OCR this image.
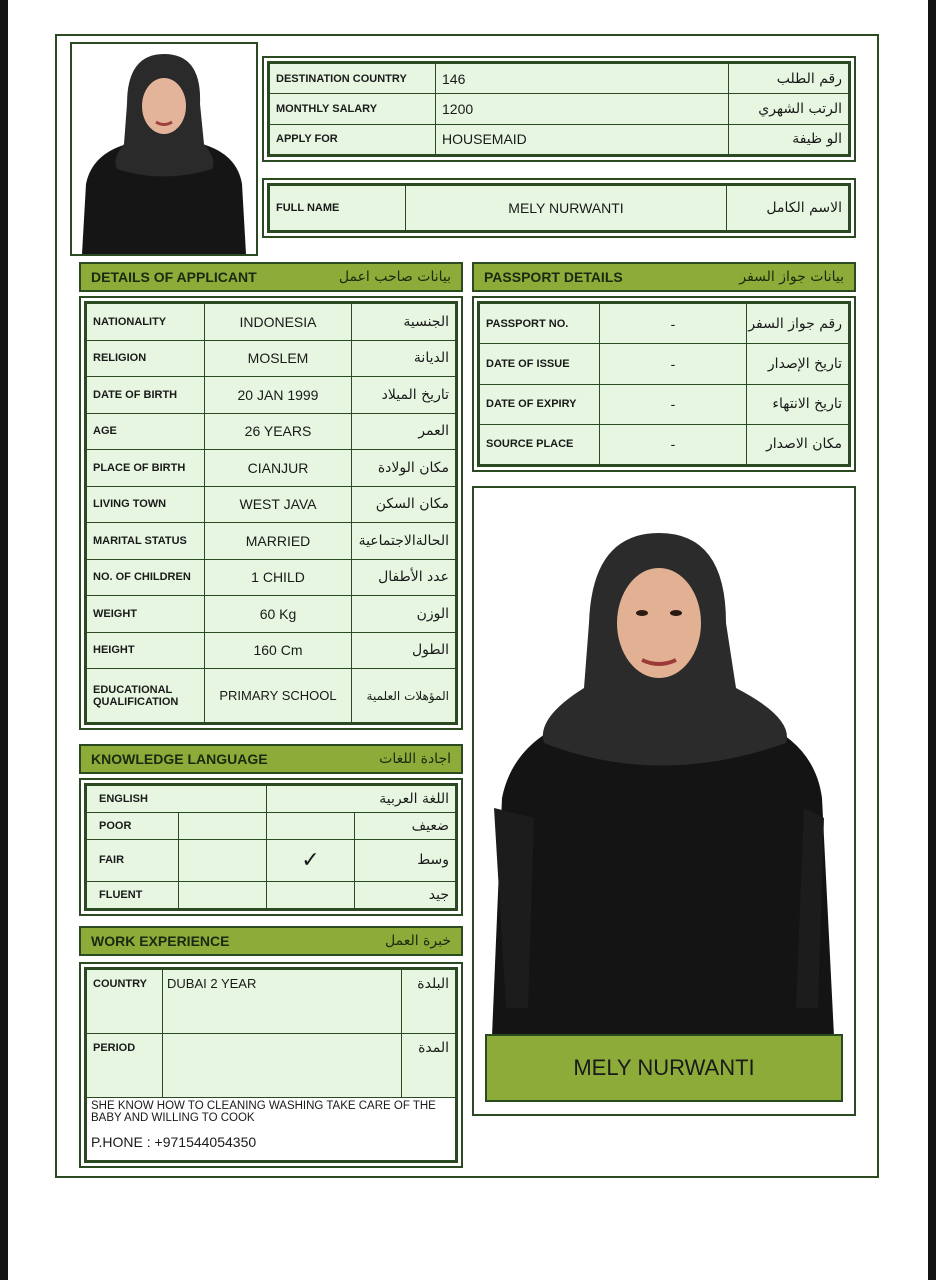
DESTINATION COUNTRY	146	رقم الطلب
MONTHLY SALARY	1200	الرتب الشهري
APPLY FOR	HOUSEMAID	الو ظيفة
FULL NAME	MELY NURWANTI	الاسم الكامل
DETAILS OF APPLICANT	بيانات صاحب اعمل
NATIONALITY	INDONESIA	الجنسية
RELIGION	MOSLEM	الديانة
DATE OF BIRTH	20 JAN 1999	تاريخ الميلاد
AGE	26 YEARS	العمر
PLACE OF BIRTH	CIANJUR	مكان الولادة
LIVING TOWN	WEST JAVA	مكان السكن
MARITAL STATUS	MARRIED	الحالةالاجتماعية
NO. OF CHILDREN	1 CHILD	عدد الأطفال
WEIGHT	60 Kg	الوزن
HEIGHT	160 Cm	الطول
EDUCATIONAL QUALIFICATION	PRIMARY SCHOOL	المؤهلات العلمية
PASSPORT DETAILS	بيانات جواز السفر
PASSPORT NO.	-	رقم جواز السفر
DATE OF ISSUE	-	تاريخ الإصدار
DATE OF EXPIRY	-	تاريخ الانتهاء
SOURCE PLACE	-	مكان الاصدار
MELY NURWANTI
KNOWLEDGE LANGUAGE	اجادة اللغات
ENGLISH		اللغة العربية	
POOR			ضعيف
FAIR		✓	وسط
FLUENT			جيد
WORK EXPERIENCE	خبرة العمل
COUNTRY	DUBAI 2 YEAR	البلدة
PERIOD		المدة

SHE KNOW HOW TO CLEANING WASHING TAKE CARE OF THE BABY AND WILLING TO COOK
P.HONE : +971544054350		
